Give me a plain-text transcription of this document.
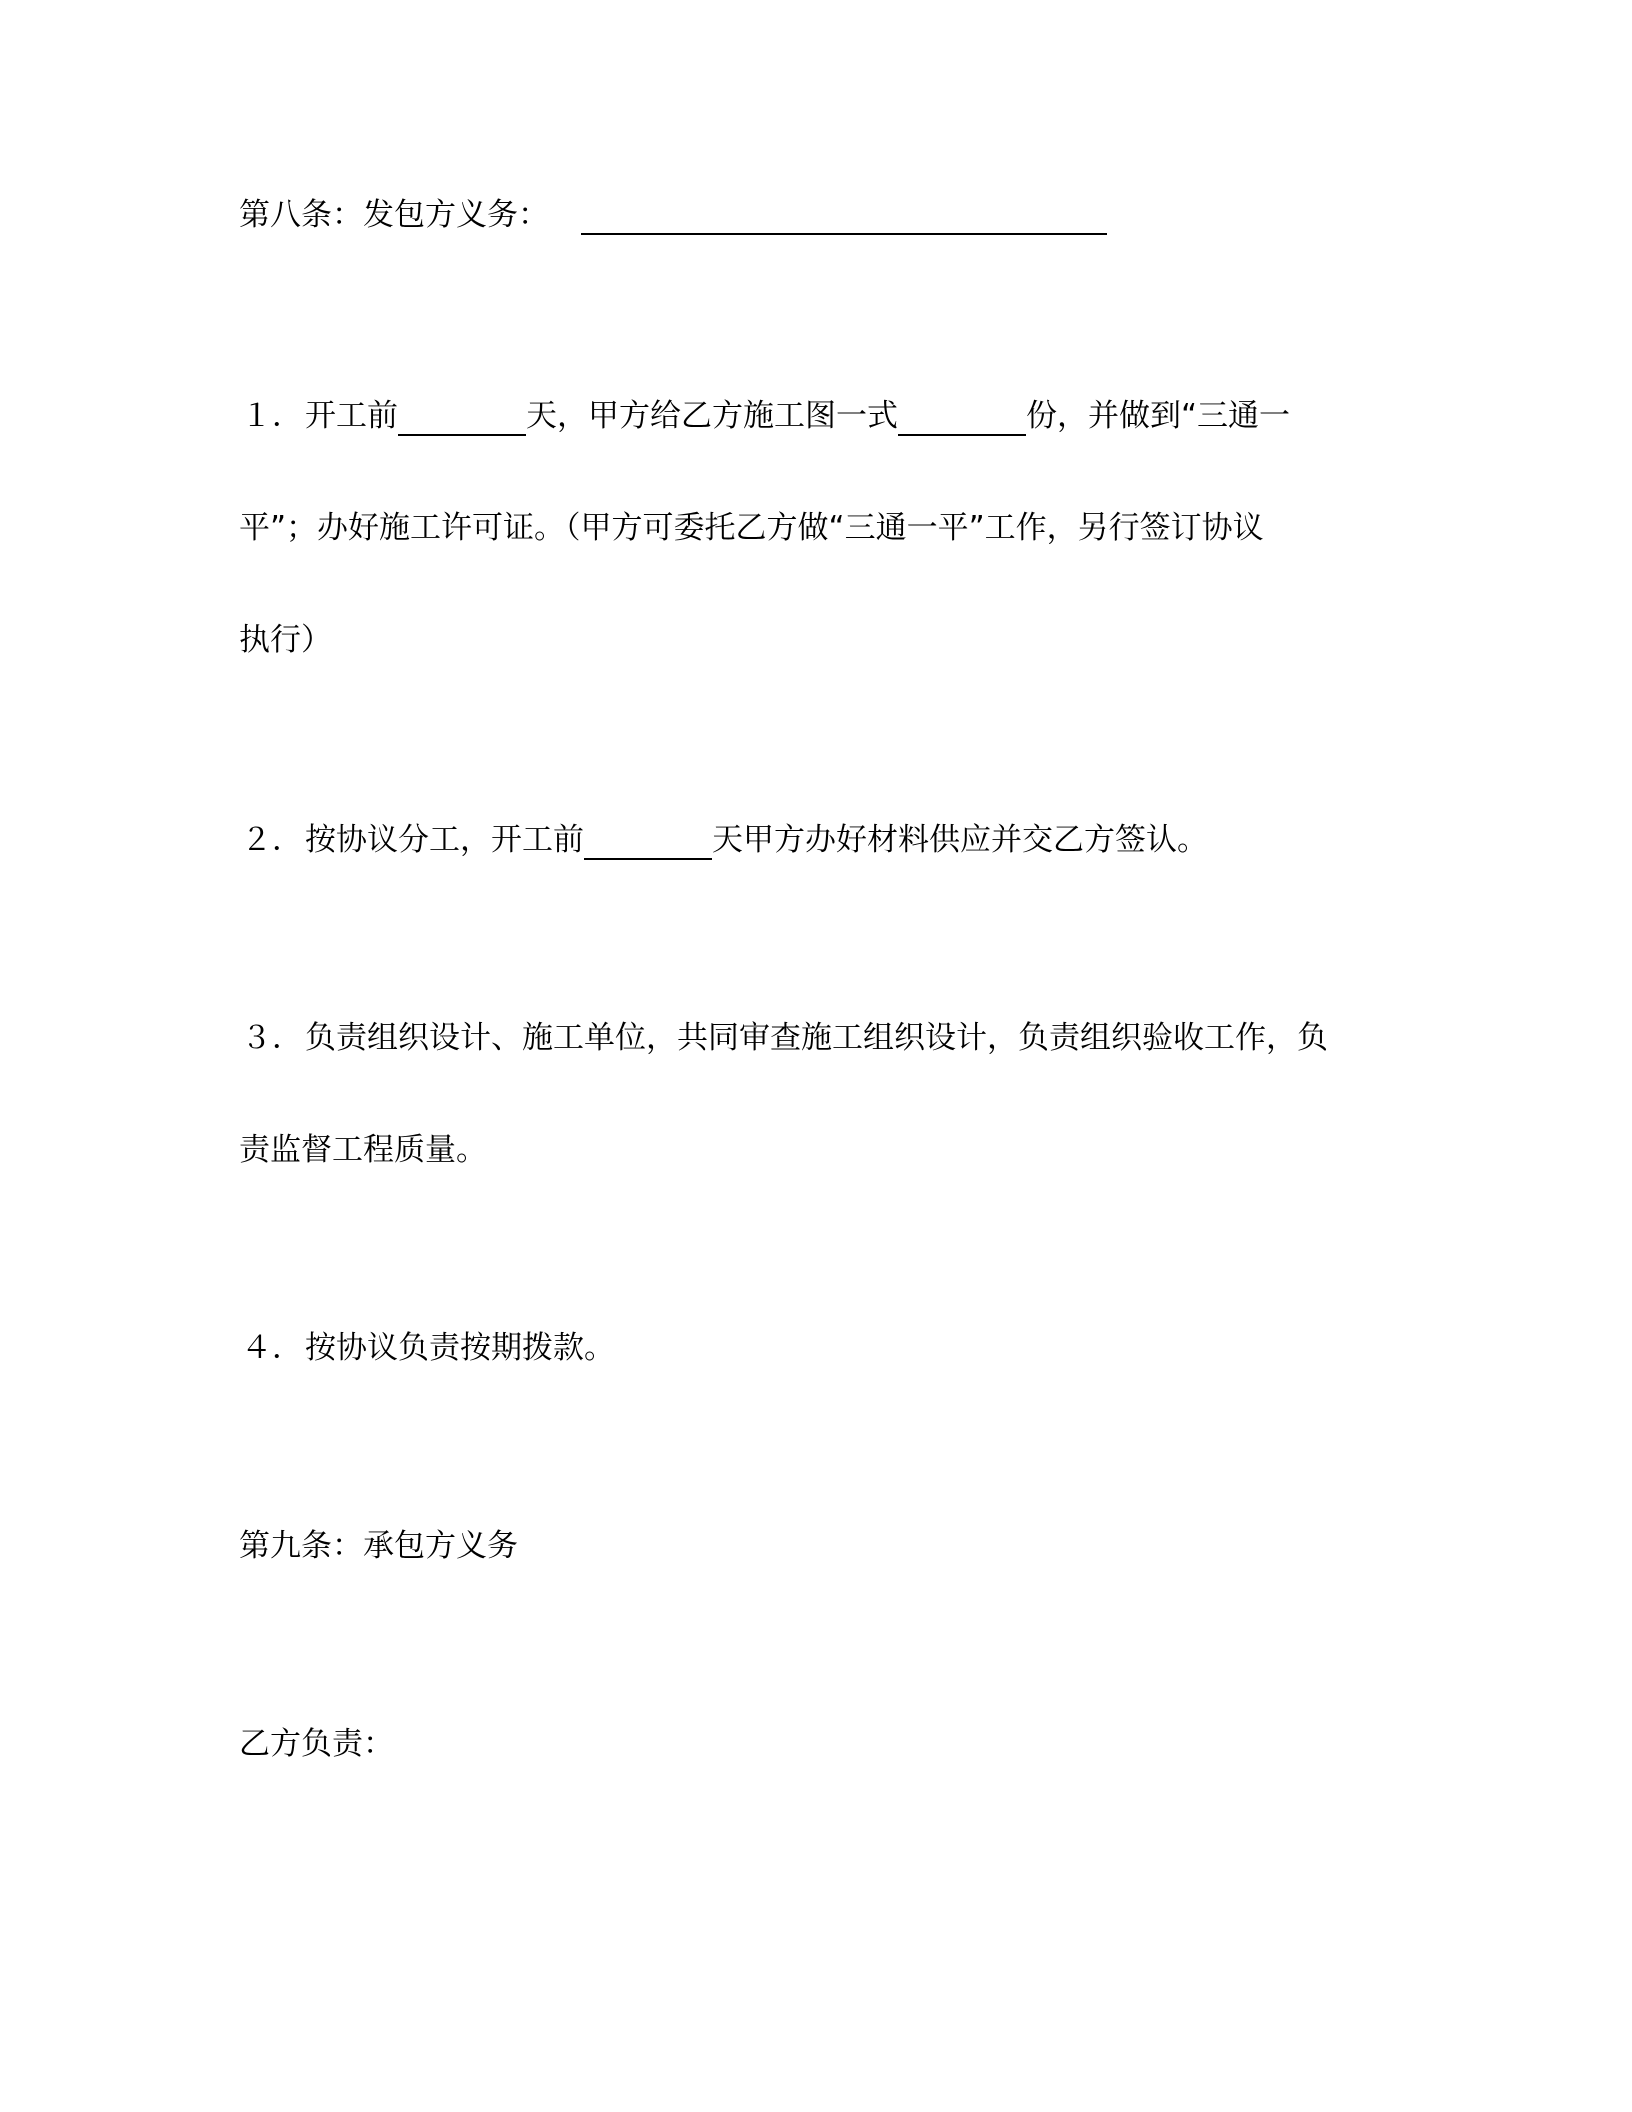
第八条：发包方义务：
１．开工前	天，甲方给乙方施工图一式	份，并做到“三通一
平”；办好施工许可证。（甲方可委托乙方做“三通一平”工作，另行签订协议
执行）
２．按协议分工，开工前	天甲方办好材料供应并交乙方签认。
３．负责组织设计、施工单位，共同审查施工组织设计，负责组织验收工作，负
责监督工程质量。
４．按协议负责按期拨款。
第九条：承包方义务
乙方负责：
